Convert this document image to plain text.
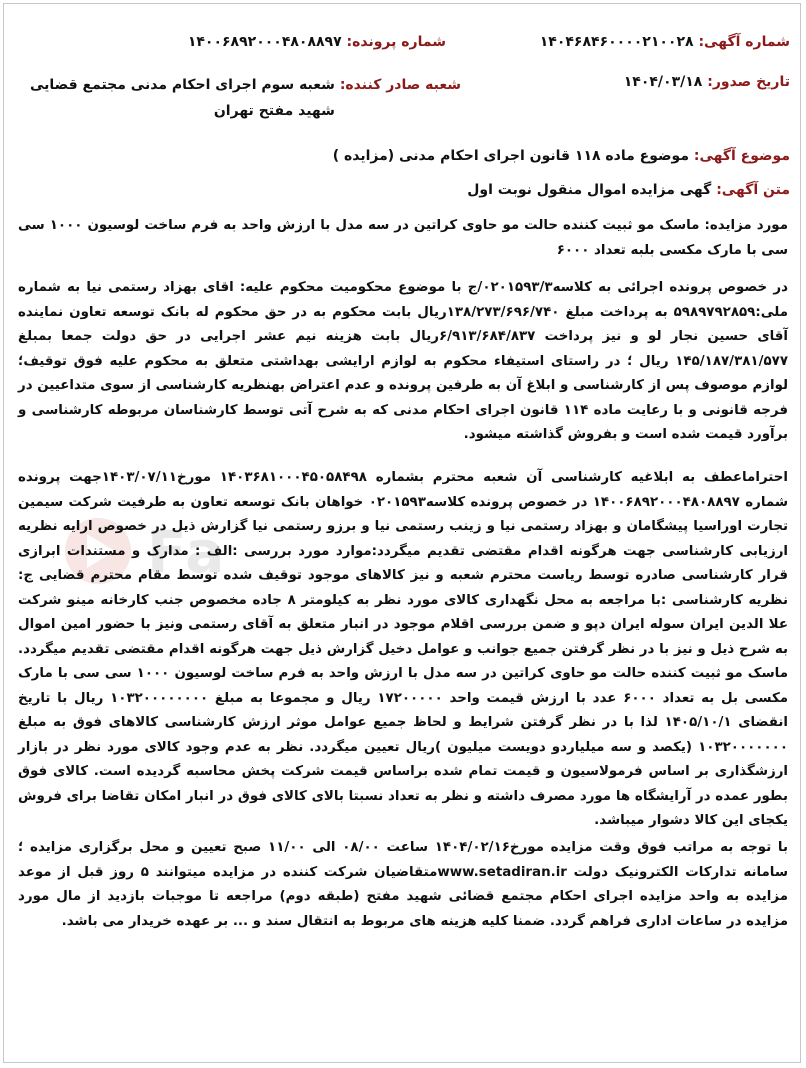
Fa
شماره آگهی: ۱۴۰۴۶۸۴۶۰۰۰۰۲۱۰۰۲۸
شماره پرونده: ۱۴۰۰۶۸۹۲۰۰۰۴۸۰۸۸۹۷
تاریخ صدور: ۱۴۰۴/۰۳/۱۸
شعبه صادر کننده: شعبه سوم اجرای احکام مدنی مجتمع قضایی شهید مفتح تهران
موضوع آگهی: موضوع ماده ۱۱۸ قانون اجرای احکام مدنی (مزایده )
متن آگهی: گهی مزایده اموال منقول نوبت اول
مورد مزایده: ماسک مو ثبیت کننده حالت مو حاوی کراتین در سه مدل با ارزش واحد به فرم ساخت لوسیون ۱۰۰۰ سی سی با مارک مکسی بلبه تعداد ۶۰۰۰
در خصوص پرونده اجرائی به کلاسه۰۲۰۱۵۹۳/۳/ج با موضوع محکومیت محکوم علیه: اقای بهزاد رستمی نیا به شماره ملی:۵۹۸۹۷۹۲۸۵۹ به پرداخت مبلغ ۱۳۸/۲۷۳/۶۹۶/۷۴۰ریال بابت محکوم به در حق محکوم له بانک توسعه تعاون نماینده آقای حسین نجار لو و نیز پرداخت ۶/۹۱۳/۶۸۴/۸۳۷ریال بابت هزینه نیم عشر اجرایی در حق دولت جمعا بمبلغ ۱۴۵/۱۸۷/۳۸۱/۵۷۷ ریال ؛ در راستای استیفاء محکوم به لوازم ارایشی بهداشتی متعلق به محکوم علیه فوق توقیف؛ لوازم موصوف پس از کارشناسی و ابلاغ آن به طرفین پرونده و عدم اعتراض بهنظریه کارشناسی از سوی متداعیین در فرجه قانونی و با رعایت ماده ۱۱۴ قانون اجرای احکام مدنی که به شرح آتی توسط کارشناسان مربوطه کارشناسی و برآورد قیمت شده است و بفروش گذاشته میشود.
احتراماعطف به ابلاغیه کارشناسی آن شعبه محترم بشماره ۱۴۰۳۶۸۱۰۰۰۴۵۰۵۸۴۹۸ مورخ۱۴۰۳/۰۷/۱۱جهت پرونده شماره ۱۴۰۰۶۸۹۲۰۰۰۴۸۰۸۸۹۷ در خصوص پرونده کلاسه۰۲۰۱۵۹۳ خواهان بانک توسعه تعاون به طرفیت شرکت سیمین تجارت اوراسیا پیشگامان و بهزاد رستمی نیا و زینب رستمی نیا و برزو رستمی نیا گزارش ذیل در خصوص ارایه نظریه ارزیابی کارشناسی جهت هرگونه اقدام مقتضی تقدیم میگردد:موارد مورد بررسی :الف : مدارک و مستندات ابرازی قرار کارشناسی صادره توسط ریاست محترم شعبه و نیز کالاهای موجود توقیف شده توسط مقام محترم قضایی ج: نظریه کارشناسی :با مراجعه به محل نگهداری کالای مورد نظر به کیلومتر ۸ جاده مخصوص جنب کارخانه مینو شرکت علا الدین ایران سوله ایران دپو و ضمن بررسی اقلام موجود در انبار متعلق به آقای رستمی ونیز با حضور امین اموال به شرح ذیل و نیز با در نظر گرفتن جمیع جوانب و عوامل دخیل گزارش ذیل جهت هرگونه اقدام مقتضی تقدیم میگردد. ماسک مو ثبیت کننده حالت مو حاوی کراتین در سه مدل با ارزش واحد به فرم ساخت لوسیون ۱۰۰۰ سی سی با مارک مکسی بل به تعداد ۶۰۰۰ عدد با ارزش قیمت واحد ۱۷۲۰۰۰۰۰ ریال و مجموعا به مبلغ ۱۰۳۲۰۰۰۰۰۰۰۰ ریال با تاریخ انقضای ۱۴۰۵/۱۰/۱ لذا با در نظر گرفتن شرایط و لحاظ جمیع عوامل موثر ارزش کارشناسی کالاهای فوق به مبلغ ۱۰۳۲۰۰۰۰۰۰۰ (یکصد و سه میلیاردو دویست میلیون )ریال تعیین میگردد. نظر به عدم وجود کالای مورد نظر در بازار ارزشگذاری بر اساس فرمولاسیون و قیمت تمام شده براساس قیمت شرکت پخش محاسبه گردیده است. کالای فوق بطور عمده در آرایشگاه ها مورد مصرف داشته و نظر به تعداد نسبتا بالای کالای فوق در انبار امکان تقاضا برای فروش یکجای این کالا دشوار میباشد.
با توجه به مراتب فوق وقت مزایده مورخ۱۴۰۴/۰۲/۱۶ ساعت ۰۸/۰۰ الی ۱۱/۰۰ صبح تعیین و محل برگزاری مزایده ؛سامانه تدارکات الکترونیک دولت www.setadiran.irمتقاضیان شرکت کننده در مزایده میتوانند ۵ روز قبل از موعد مزایده به واحد مزایده اجرای احکام مجتمع قضائی شهید مفتح (طبقه دوم) مراجعه تا موجبات بازدید از مال مورد مزایده در ساعات اداری فراهم گردد. ضمنا کلیه هزینه های مربوط به انتقال سند و ... بر عهده خریدار می باشد.
